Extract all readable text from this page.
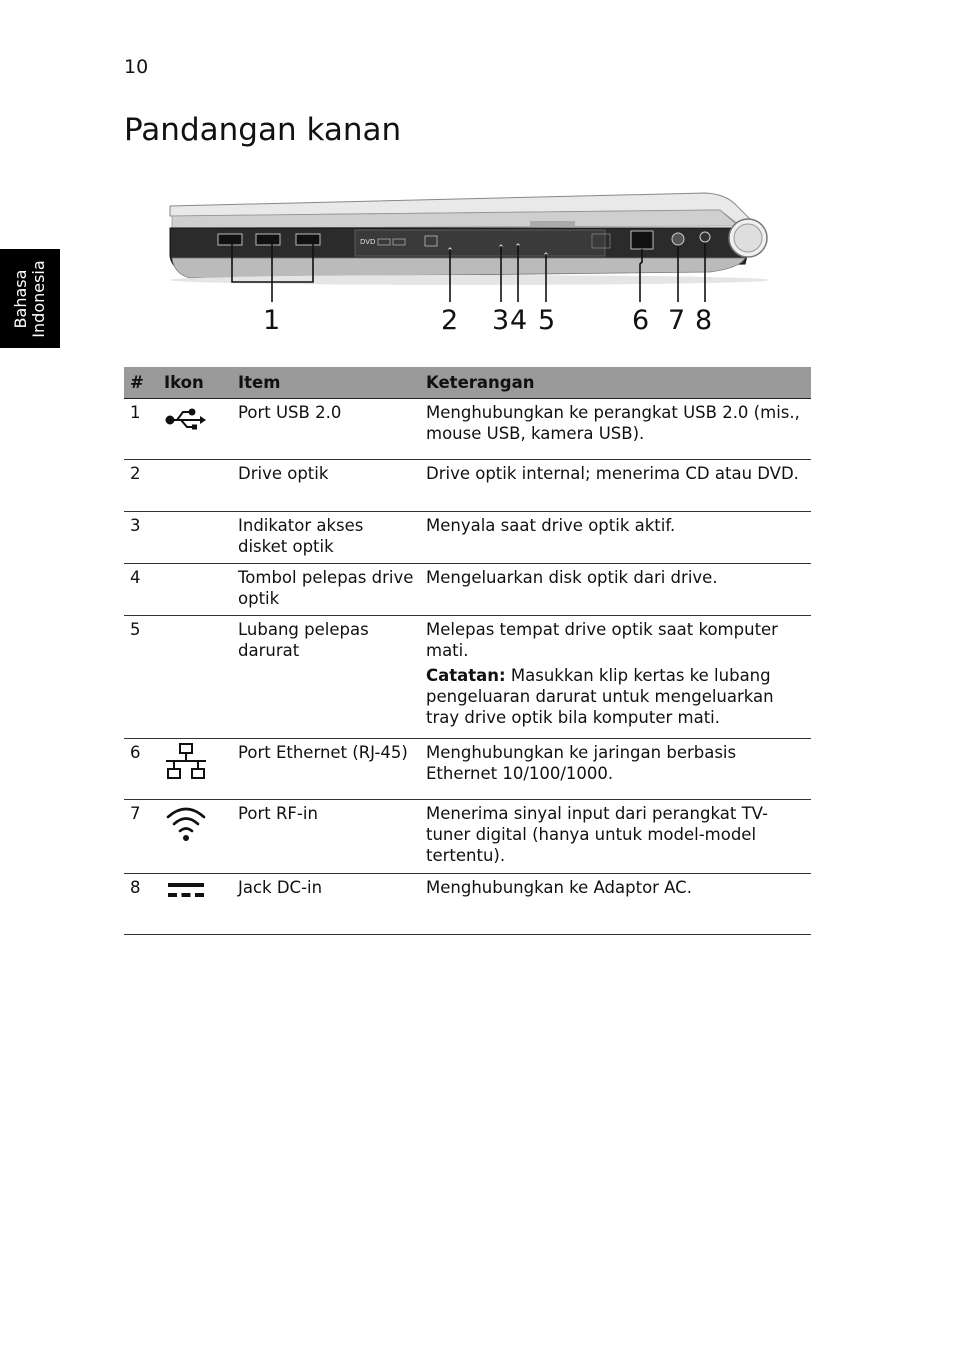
10
Pandangan kanan
Bahasa
Indonesia
DVD
1	2 3 4 5	6 7 8
#	Ikon	Item	Keterangan
1		Port USB 2.0	Menghubungkan ke perangkat USB 2.0 (mis., mouse USB, kamera USB).
2		Drive optik	Drive optik internal; menerima CD atau DVD.
3		Indikator akses disket optik	Menyala saat drive optik aktif.
4		Tombol pelepas drive optik	Mengeluarkan disk optik dari drive.
5		Lubang pelepas darurat	Melepas tempat drive optik saat komputer mati.

Catatan: Masukkan klip kertas ke lubang pengeluaran darurat untuk mengeluarkan tray drive optik bila komputer mati.

6		Port Ethernet (RJ-45)	Menghubungkan ke jaringan berbasis Ethernet 10/100/1000.
7		Port RF-in	Menerima sinyal input dari perangkat TV-tuner digital (hanya untuk model-model tertentu).
8		Jack DC-in	Menghubungkan ke Adaptor AC.
